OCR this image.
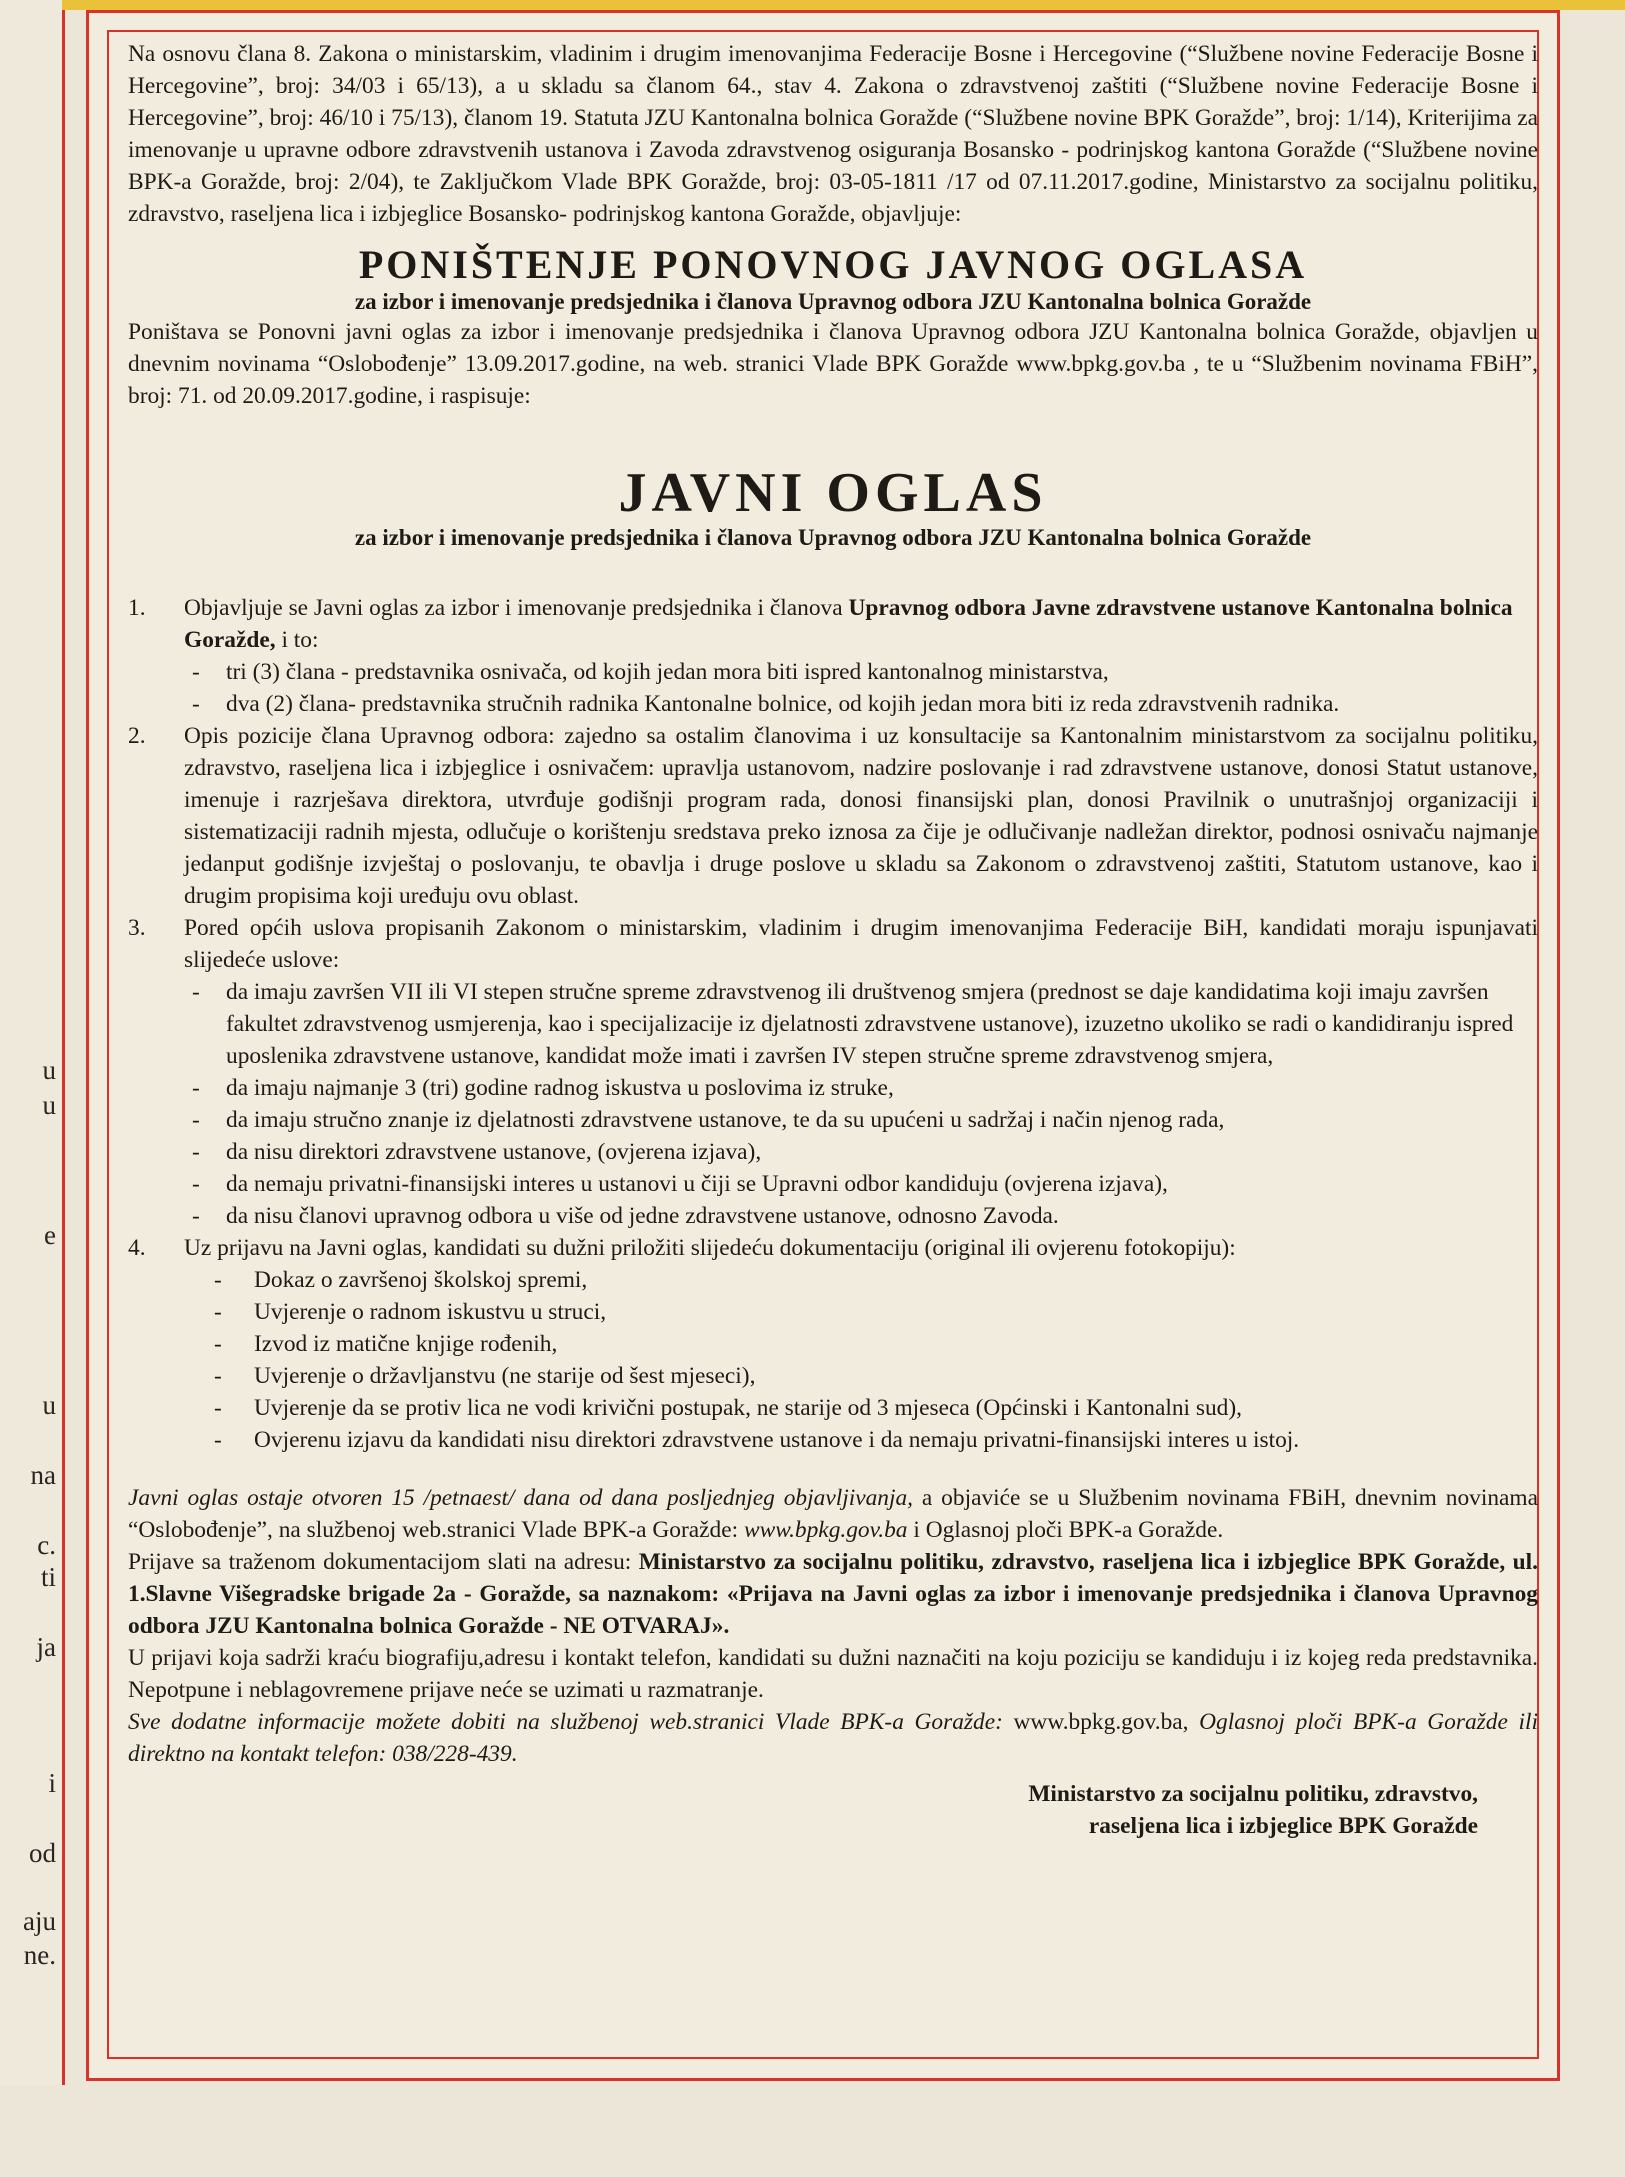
u
u
e
u
na
c.
ti
ja
i
od
aju
ne.

Na osnovu člana 8. Zakona o ministarskim, vladinim i drugim imenovanjima Federacije Bosne i Hercegovine (“Službene novine Federacije Bosne i Hercegovine”, broj: 34/03 i 65/13), a u skladu sa članom 64., stav 4. Zakona o zdravstvenoj zaštiti (“Službene novine Federacije Bosne i Hercegovine”, broj: 46/10 i 75/13), članom 19. Statuta JZU Kantonalna bolnica Goražde (“Službene novine BPK Goražde”, broj: 1/14), Kriterijima za imenovanje u upravne odbore zdravstvenih ustanova i Zavoda zdravstvenog osiguranja Bosansko - podrinjskog kantona Goražde (“Službene novine BPK-a Goražde, broj: 2/04), te Zaključkom Vlade BPK Goražde, broj: 03-05-1811 /17 od 07.11.2017.godine, Ministarstvo za socijalnu politiku, zdravstvo, raseljena lica i izbjeglice Bosansko- podrinjskog kantona Goražde, objavljuje:

PONIŠTENJE PONOVNOG JAVNOG OGLASA
za izbor i imenovanje predsjednika i članova Upravnog odbora JZU Kantonalna bolnica Goražde

Poništava se Ponovni javni oglas za izbor i imenovanje predsjednika i članova Upravnog odbora JZU Kantonalna bolnica Goražde, objavljen u dnevnim novinama “Oslobođenje” 13.09.2017.godine, na web. stranici Vlade BPK Goražde www.bpkg.gov.ba , te u “Službenim novinama FBiH”, broj: 71. od 20.09.2017.godine, i raspisuje:

JAVNI OGLAS
za izbor i imenovanje predsjednika i članova Upravnog odbora JZU Kantonalna bolnica Goražde
1. Objavljuje se Javni oglas za izbor i imenovanje predsjednika i članova Upravnog odbora Javne zdravstvene ustanove Kantonalna bolnica Goražde, i to:
- tri (3) člana - predstavnika osnivača, od kojih jedan mora biti ispred kantonalnog ministarstva,
- dva (2) člana- predstavnika stručnih radnika Kantonalne bolnice, od kojih jedan mora biti iz reda zdravstvenih radnika.
2. Opis pozicije člana Upravnog odbora: zajedno sa ostalim članovima i uz konsultacije sa Kantonalnim ministarstvom za socijalnu politiku, zdravstvo, raseljena lica i izbjeglice i osnivačem: upravlja ustanovom, nadzire poslovanje i rad zdravstvene ustanove, donosi Statut ustanove, imenuje i razrješava direktora, utvrđuje godišnji program rada, donosi finansijski plan, donosi Pravilnik o unutrašnjoj organizaciji i sistematizaciji radnih mjesta, odlučuje o korištenju sredstava preko iznosa za čije je odlučivanje nadležan direktor, podnosi osnivaču najmanje jedanput godišnje izvještaj o poslovanju, te obavlja i druge poslove u skladu sa Zakonom o zdravstvenoj zaštiti, Statutom ustanove, kao i drugim propisima koji uređuju ovu oblast.

3. Pored općih uslova propisanih Zakonom o ministarskim, vladinim i drugim imenovanjima Federacije BiH, kandidati moraju ispunjavati slijedeće uslove:

- da imaju završen VII ili VI stepen stručne spreme zdravstvenog ili društvenog smjera (prednost se daje kandidatima koji imaju završen fakultet zdravstvenog usmjerenja, kao i specijalizacije iz djelatnosti zdravstvene ustanove), izuzetno ukoliko se radi o kandidiranju ispred uposlenika zdravstvene ustanove, kandidat može imati i završen IV stepen stručne spreme zdravstvenog smjera,
- da imaju najmanje 3 (tri) godine radnog iskustva u poslovima iz struke,
- da imaju stručno znanje iz djelatnosti zdravstvene ustanove, te da su upućeni u sadržaj i način njenog rada,
- da nisu direktori zdravstvene ustanove, (ovjerena izjava),
- da nemaju privatni-finansijski interes u ustanovi u čiji se Upravni odbor kandiduju (ovjerena izjava),
- da nisu članovi upravnog odbora u više od jedne zdravstvene ustanove, odnosno Zavoda.
4. Uz prijavu na Javni oglas, kandidati su dužni priložiti slijedeću dokumentaciju (original ili ovjerenu fotokopiju):

- Dokaz o završenoj školskoj spremi,
- Uvjerenje o radnom iskustvu u struci,
- Izvod iz matične knjige rođenih,
- Uvjerenje o državljanstvu (ne starije od šest mjeseci),
- Uvjerenje da se protiv lica ne vodi krivični postupak, ne starije od 3 mjeseca (Općinski i Kantonalni sud),
- Ovjerenu izjavu da kandidati nisu direktori zdravstvene ustanove i da nemaju privatni-finansijski interes u istoj.

Javni oglas ostaje otvoren 15 /petnaest/ dana od dana posljednjeg objavljivanja, a objaviće se u Službenim novinama FBiH, dnevnim novinama “Oslobođenje”, na službenoj web.stranici Vlade BPK-a Goražde: www.bpkg.gov.ba i Oglasnoj ploči BPK-a Goražde.

Prijave sa traženom dokumentacijom slati na adresu: Ministarstvo za socijalnu politiku, zdravstvo, raseljena lica i izbjeglice BPK Goražde, ul. 1.Slavne Višegradske brigade 2a - Goražde, sa naznakom: «Prijava na Javni oglas za izbor i imenovanje predsjednika i članova Upravnog odbora JZU Kantonalna bolnica Goražde - NE OTVARAJ».

U prijavi koja sadrži kraću biografiju,adresu i kontakt telefon, kandidati su dužni naznačiti na koju poziciju se kandiduju i iz kojeg reda predstavnika. Nepotpune i neblagovremene prijave neće se uzimati u razmatranje.

Sve dodatne informacije možete dobiti na službenoj web.stranici Vlade BPK-a Goražde: www.bpkg.gov.ba, Oglasnoj ploči BPK-a Goražde ili direktno na kontakt telefon: 038/228-439.

Ministarstvo za socijalnu politiku, zdravstvo,
raseljena lica i izbjeglice BPK Goražde
